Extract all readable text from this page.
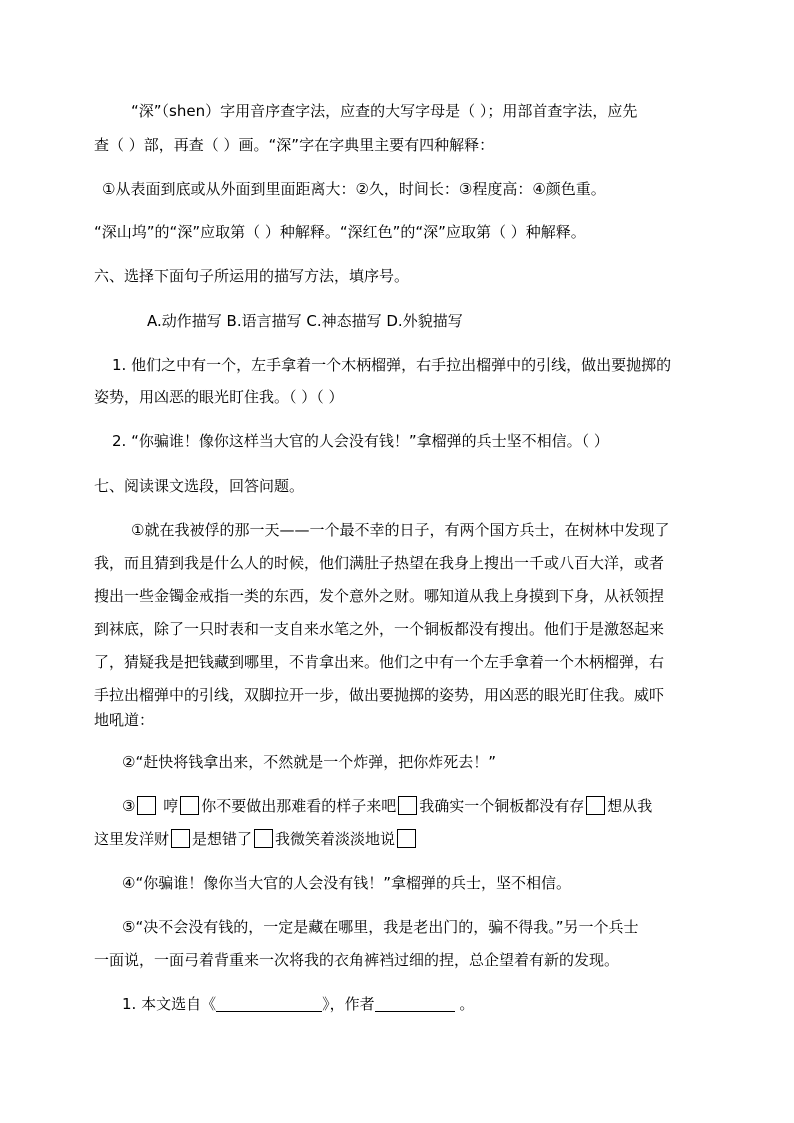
“深”（shen）字用音序查字法，应查的大写字母是（ ）；用部首查字法，应先
查（ ）部，再查（ ）画。“深”字在字典里主要有四种解释：
①从表面到底或从外面到里面距离大：②久，时间长：③程度高：④颜色重。
“深山坞”的“深”应取第（ ）种解释。“深红色”的“深”应取第（ ）种解释。
六、选择下面句子所运用的描写方法，填序号。
A.动作描写 B.语言描写 C.神态描写 D.外貌描写
1. 他们之中有一个，左手拿着一个木柄榴弹，右手拉出榴弹中的引线，做出要抛掷的
姿势，用凶恶的眼光盯住我。（ ）（ ）
2. “你骗谁！像你这样当大官的人会没有钱！”拿榴弹的兵士坚不相信。（ ）
七、阅读课文选段，回答问题。
①就在我被俘的那一天——一个最不幸的日子，有两个国方兵士，在树林中发现了
我，而且猜到我是什么人的时候，他们满肚子热望在我身上搜出一千或八百大洋，或者
搜出一些金镯金戒指一类的东西，发个意外之财。哪知道从我上身摸到下身，从袄领捏
到袜底，除了一只时表和一支自来水笔之外，一个铜板都没有搜出。他们于是激怒起来
了，猜疑我是把钱藏到哪里，不肯拿出来。他们之中有一个左手拿着一个木柄榴弹，右
手拉出榴弹中的引线，双脚拉开一步，做出要抛掷的姿势，用凶恶的眼光盯住我。威吓
地吼道：
②“赶快将钱拿出来，不然就是一个炸弹，把你炸死去！”
③ 哼 你不要做出那难看的样子来吧 我确实一个铜板都没有存 想从我
这里发洋财 是想错了 我微笑着淡淡地说
④“你骗谁！像你当大官的人会没有钱！”拿榴弹的兵士，坚不相信。
⑤“决不会没有钱的，一定是藏在哪里，我是老出门的，骗不得我。”另一个兵士
一面说，一面弓着背重来一次将我的衣角裤裆过细的捏，总企望着有新的发现。
1. 本文选自《	》，作者	。
